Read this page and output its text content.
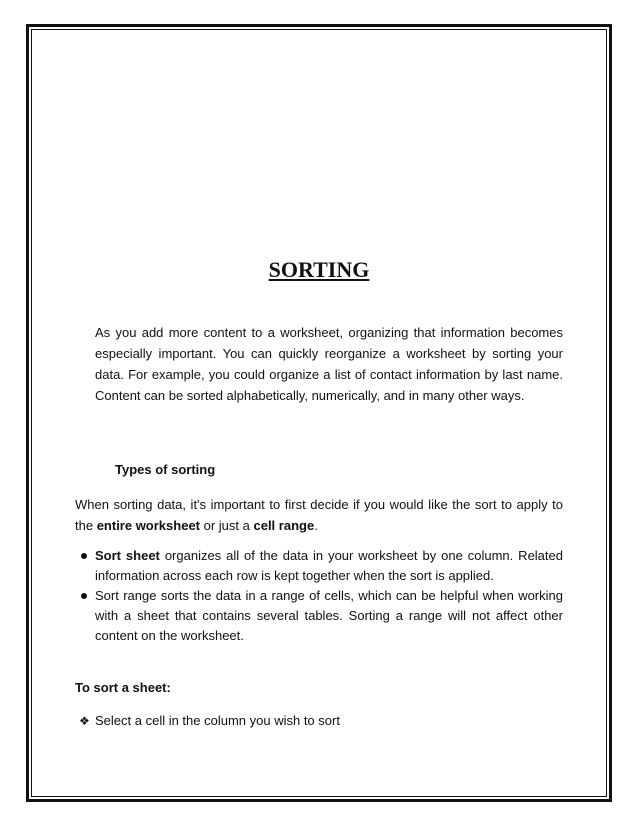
SORTING

As you add more content to a worksheet, organizing that information becomes especially important. You can quickly reorganize a worksheet by sorting your data. For example, you could organize a list of contact information by last name. Content can be sorted alphabetically, numerically, and in many other ways.

Types of sorting

When sorting data, it's important to first decide if you would like the sort to apply to the entire worksheet or just a cell range.

Sort sheet organizes all of the data in your worksheet by one column. Related information across each row is kept together when the sort is applied.
Sort range sorts the data in a range of cells, which can be helpful when working with a sheet that contains several tables. Sorting a range will not affect other content on the worksheet.

To sort a sheet:

❖ Select a cell in the column you wish to sort
